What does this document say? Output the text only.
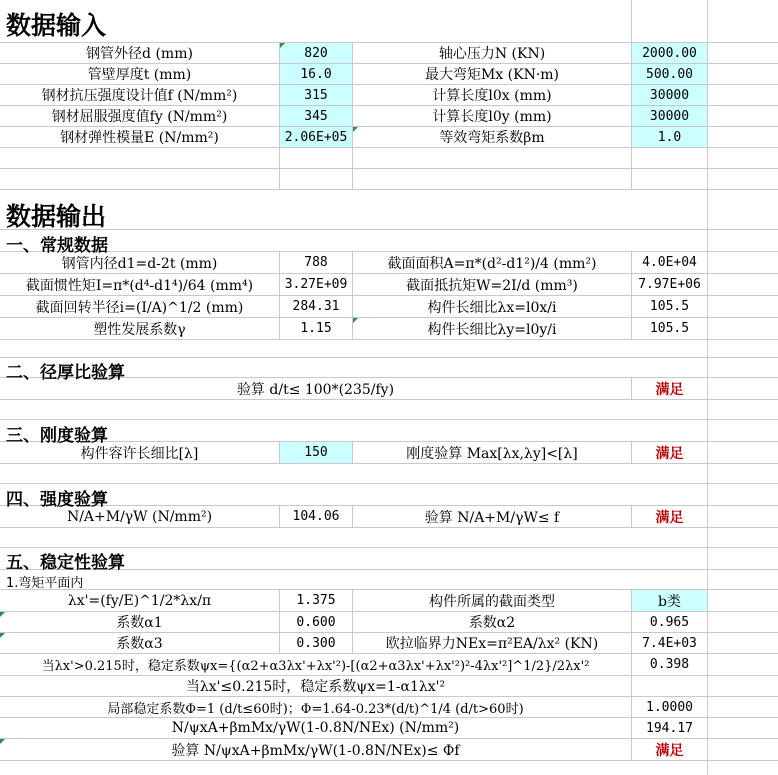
数据输入
钢管外径d (mm)	820	轴心压力N (KN)	2000.00
管壁厚度t (mm)	16.0	最大弯矩Mx (KN·m)	500.00
钢材抗压强度设计值f (N/mm²)	315	计算长度l0x (mm)	30000
钢材屈服强度值fy (N/mm²)	345	计算长度l0y (mm)	30000
钢材弹性模量E (N/mm²)	2.06E+05	等效弯矩系数βm	1.0
数据输出
一、常规数据
钢管内径d1=d-2t (mm)	788	截面面积A=π*(d²-d1²)/4 (mm²)	4.0E+04
截面惯性矩I=π*(d⁴-d1⁴)/64 (mm⁴)	3.27E+09	截面抵抗矩W=2I/d (mm³)	7.97E+06
截面回转半径i=(I/A)^1/2 (mm)	284.31	构件长细比λx=l0x/i	105.5
塑性发展系数γ	1.15	构件长细比λy=l0y/i	105.5
二、径厚比验算
验算 d/t≤ 100*(235/fy)	满足
三、刚度验算
构件容许长细比[λ]	150	刚度验算 Max[λx,λy]<[λ]	满足
四、强度验算
N/A+M/γW (N/mm²)	104.06	验算 N/A+M/γW≤ f	满足
五、稳定性验算
1.弯矩平面内
λx'=(fy/E)^1/2*λx/π	1.375	构件所属的截面类型	b类
系数α1	0.600	系数α2	0.965
系数α3	0.300	欧拉临界力NEx=π²EA/λx² (KN)	7.4E+03
当λx'>0.215时，稳定系数ψx={(α2+α3λx'+λx'²)-[(α2+α3λx'+λx'²)²-4λx'²]^1/2}/2λx'²	0.398
当λx'≤0.215时，稳定系数ψx=1-α1λx'²
局部稳定系数Φ=1 (d/t≤60时)；Φ=1.64-0.23*(d/t)^1/4 (d/t>60时)	1.0000
N/ψxA+βmMx/γW(1-0.8N/NEx) (N/mm²)	194.17
验算 N/ψxA+βmMx/γW(1-0.8N/NEx)≤ Φf	满足
